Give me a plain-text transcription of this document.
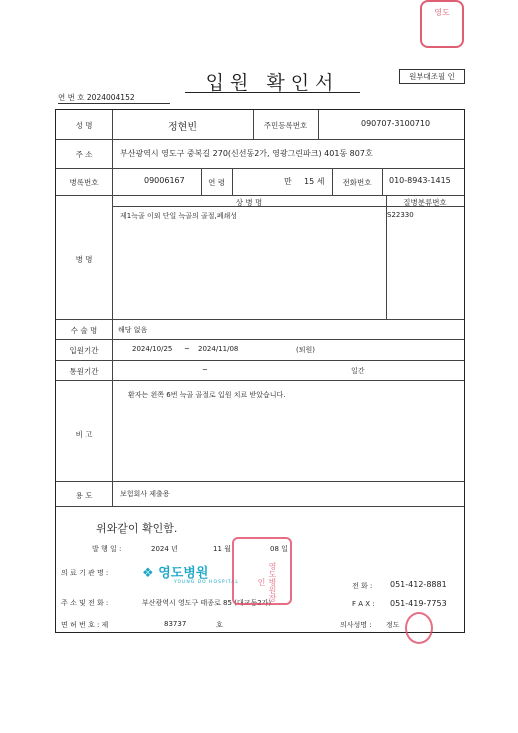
영도
입원 확인서	원부대조필 인
연 번 호 2024004152
성 명	정현빈	주민등록번호	090707-3100710
주 소	부산광역시 영도구 중복길 270(신선동2가, 영광그린파크) 401동 807호
병록번호	09006167	연 령	만 15 세	전화번호	010-8943-1415
병 명
상 병 명	질병분류번호
제1늑골 이외 단일 늑골의 골절,폐쇄성	S22330
수 술 명	해당 없음
입원기간	2024/10/25 ~ 2024/11/08	(퇴원)
통원기간	~	일간
비 고
환자는 왼쪽 6번 늑골 골절로 입원 치료 받았습니다.
용 도	보험회사 제출용
위와같이 확인함.
발 행 일 :	2024 년	11 월	08 일
의 료 기 관 명 :	❖ 영도병원
YOUNG DO HOSPITAL	전 화 : 051-412-8881
주 소 및 전 화 :	부산광역시 영도구 태종로 85 (대교동2가)	F A X : 051-419-7753
면 허 번 호 : 제	83737	호	의사성명 : 정도
영도병원장인
